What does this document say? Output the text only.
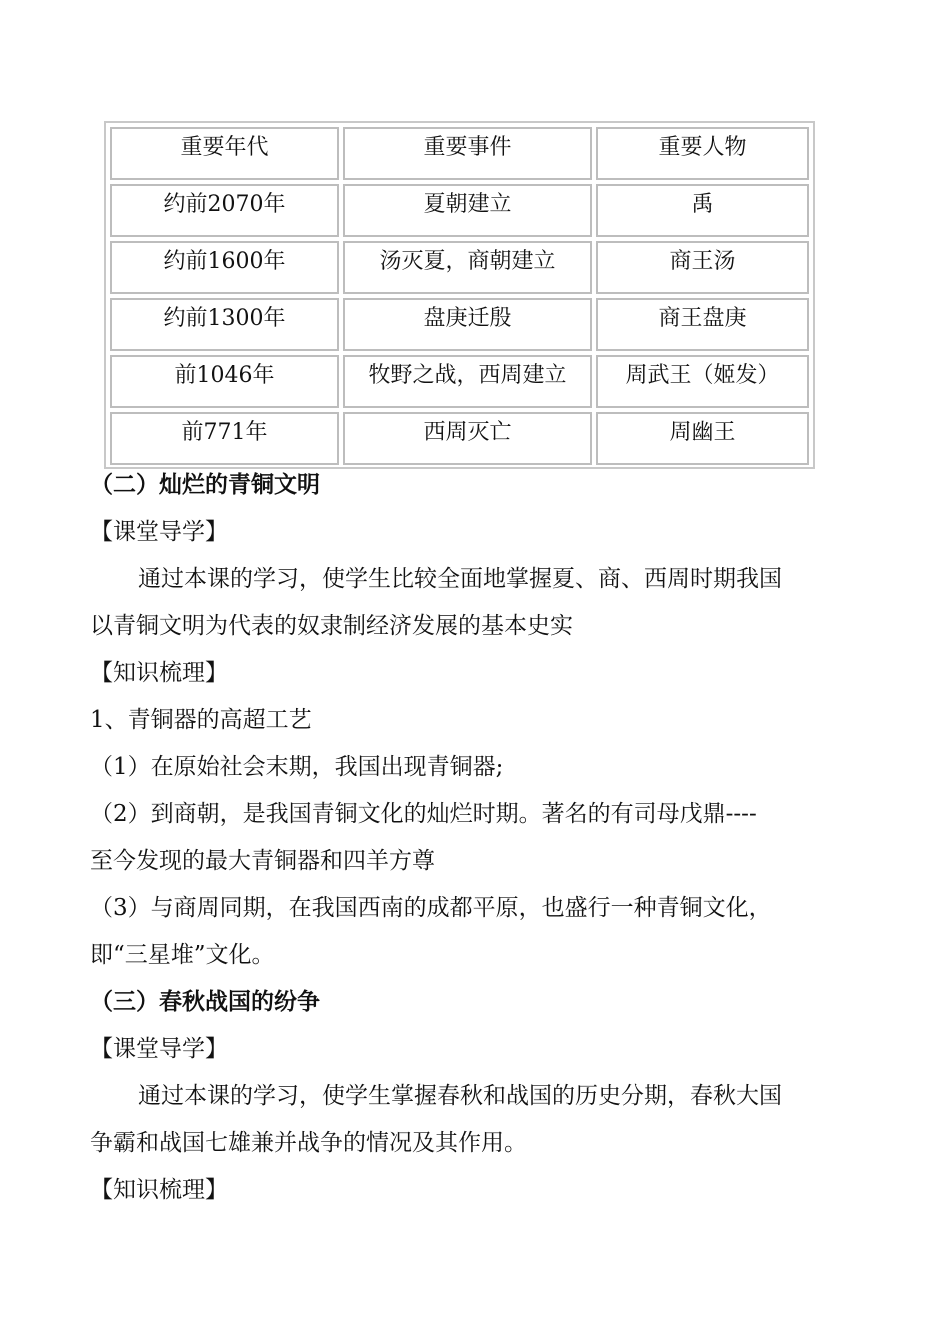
重要年代	重要事件	重要人物
约前2070年	夏朝建立	禹
约前1600年	汤灭夏，商朝建立	商王汤
约前1300年	盘庚迁殷	商王盘庚
前1046年	牧野之战，西周建立	周武王（姬发）
前771年	西周灭亡	周幽王
（二）灿烂的青铜文明
【课堂导学】
通过本课的学习，使学生比较全面地掌握夏、商、西周时期我国
以青铜文明为代表的奴隶制经济发展的基本史实
【知识梳理】
1、青铜器的高超工艺
（1）在原始社会末期，我国出现青铜器;
（2）到商朝，是我国青铜文化的灿烂时期。著名的有司母戊鼎----
至今发现的最大青铜器和四羊方尊
（3）与商周同期，在我国西南的成都平原，也盛行一种青铜文化，
即“三星堆”文化。
（三）春秋战国的纷争
【课堂导学】
通过本课的学习，使学生掌握春秋和战国的历史分期，春秋大国
争霸和战国七雄兼并战争的情况及其作用。
【知识梳理】
